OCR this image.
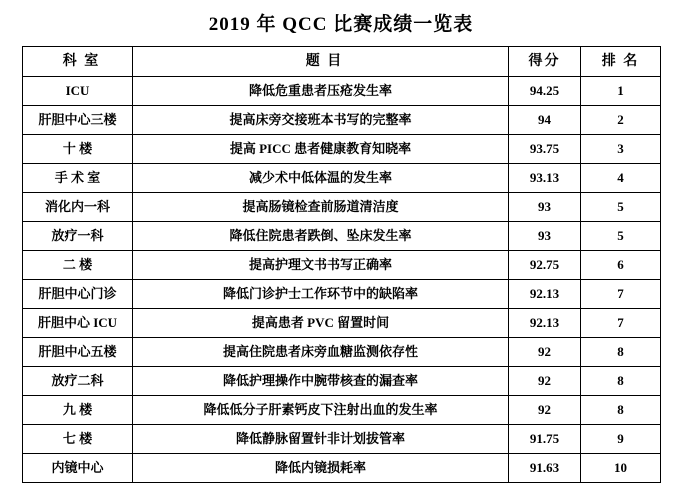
2019 年 QCC 比赛成绩一览表
科 室	题 目	得分	排 名
ICU	降低危重患者压疮发生率	94.25	1
肝胆中心三楼	提高床旁交接班本书写的完整率	94	2
十 楼	提高 PICC 患者健康教育知晓率	93.75	3
手 术 室	减少术中低体温的发生率	93.13	4
消化内一科	提高肠镜检查前肠道清洁度	93	5
放疗一科	降低住院患者跌倒、坠床发生率	93	5
二 楼	提高护理文书书写正确率	92.75	6
肝胆中心门诊	降低门诊护士工作环节中的缺陷率	92.13	7
肝胆中心 ICU	提高患者 PVC 留置时间	92.13	7
肝胆中心五楼	提高住院患者床旁血糖监测依存性	92	8
放疗二科	降低护理操作中腕带核查的漏查率	92	8
九 楼	降低低分子肝素钙皮下注射出血的发生率	92	8
七 楼	降低静脉留置针非计划拔管率	91.75	9
内镜中心	降低内镜损耗率	91.63	10
